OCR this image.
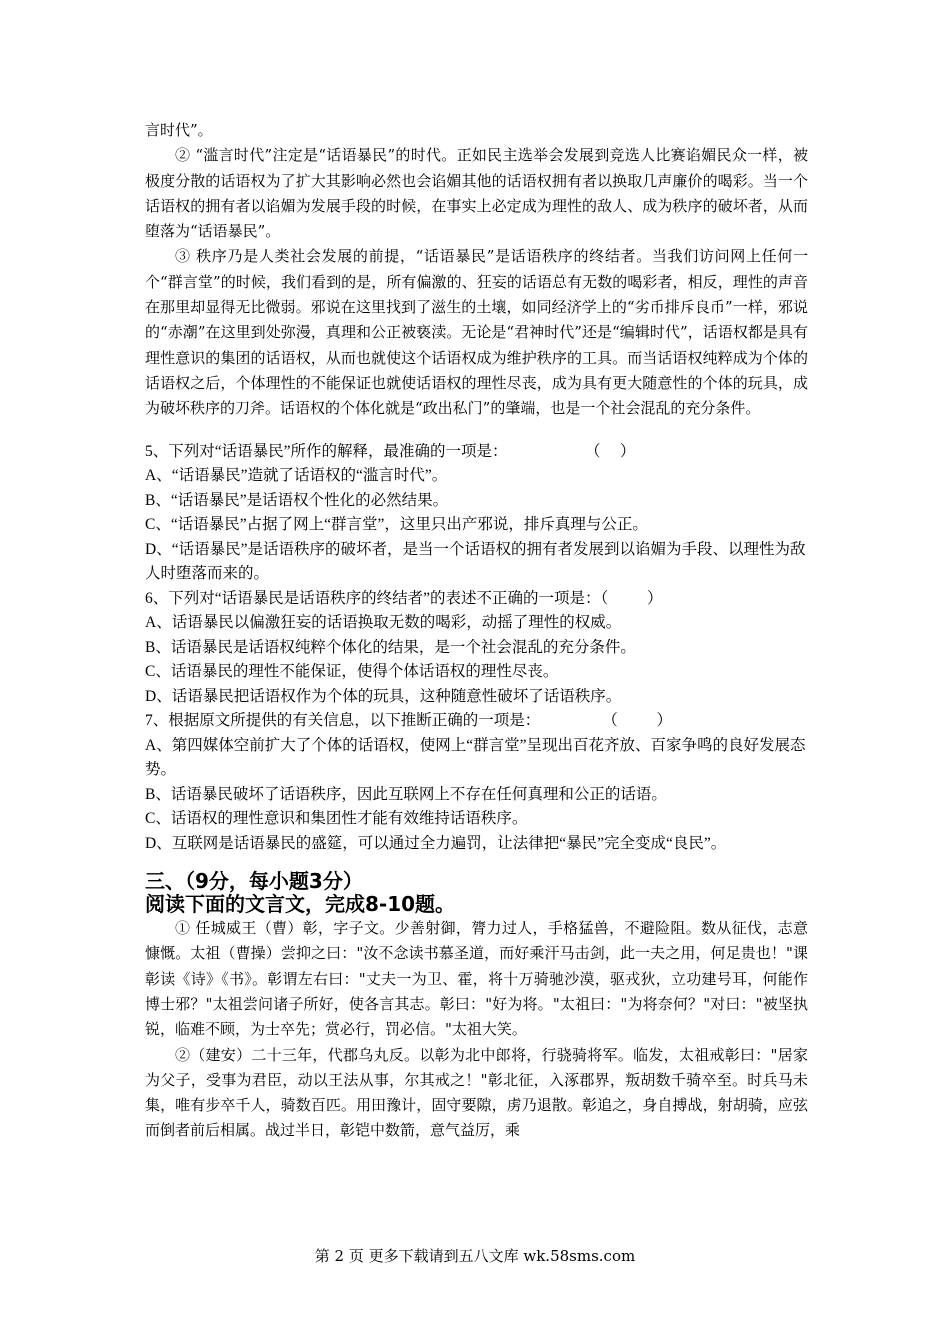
言时代”。

② “滥言时代”注定是“话语暴民”的时代。正如民主选举会发展到竞选人比赛谄媚民众一样，被极度分散的话语权为了扩大其影响必然也会谄媚其他的话语权拥有者以换取几声廉价的喝彩。当一个话语权的拥有者以谄媚为发展手段的时候，在事实上必定成为理性的敌人、成为秩序的破坏者，从而堕落为“话语暴民”。

③ 秩序乃是人类社会发展的前提，“话语暴民”是话语秩序的终结者。当我们访问网上任何一个“群言堂”的时候，我们看到的是，所有偏激的、狂妄的话语总有无数的喝彩者，相反，理性的声音在那里却显得无比微弱。邪说在这里找到了滋生的土壤，如同经济学上的“劣币排斥良币”一样，邪说的“赤潮”在这里到处弥漫，真理和公正被亵渎。无论是“君神时代”还是“编辑时代”，话语权都是具有理性意识的集团的话语权，从而也就使这个话语权成为维护秩序的工具。而当话语权纯粹成为个体的话语权之后，个体理性的不能保证也就使话语权的理性尽丧，成为具有更大随意性的个体的玩具，成为破坏秩序的刀斧。话语权的个体化就是“政出私门”的肇端，也是一个社会混乱的充分条件。

5、下列对“话语暴民”所作的解释，最准确的一项是：                    （     ）

A、“话语暴民”造就了话语权的“滥言时代”。

B、“话语暴民”是话语权个性化的必然结果。

C、“话语暴民”占据了网上“群言堂”，这里只出产邪说，排斥真理与公正。

D、“话语暴民”是话语秩序的破坏者，是当一个话语权的拥有者发展到以谄媚为手段、以理性为敌人时堕落而来的。

6、下列对“话语暴民是话语秩序的终结者”的表述不正确的一项是：（          ）

A、话语暴民以偏激狂妄的话语换取无数的喝彩，动摇了理性的权威。

B、话语暴民是话语权纯粹个体化的结果，是一个社会混乱的充分条件。

C、话语暴民的理性不能保证，使得个体话语权的理性尽丧。

D、话语暴民把话语权作为个体的玩具，这种随意性破坏了话语秩序。

7、根据原文所提供的有关信息，以下推断正确的一项是：                （          ）

A、第四媒体空前扩大了个体的话语权，使网上“群言堂”呈现出百花齐放、百家争鸣的良好发展态势。

B、话语暴民破坏了话语秩序，因此互联网上不存在任何真理和公正的话语。

C、话语权的理性意识和集团性才能有效维持话语秩序。

D、互联网是话语暴民的盛筵，可以通过全力遍罚，让法律把“暴民”完全变成“良民”。

三、（9分，每小题3分）
阅读下面的文言文，完成8-10题。

① 任城威王（曹）彰，字子文。少善射御，膂力过人，手格猛兽，不避险阻。数从征伐，志意慷慨。太祖（曹操）尝抑之曰："汝不念读书慕圣道，而好乘汗马击剑，此一夫之用，何足贵也！"课彰读《诗》《书》。彰谓左右曰："丈夫一为卫、霍，将十万骑驰沙漠，驱戎狄，立功建号耳，何能作博士邪？"太祖尝问诸子所好，使各言其志。彰曰："好为将。"太祖曰："为将奈何？"对曰："被坚执锐，临难不顾，为士卒先；赏必行，罚必信。"太祖大笑。

②（建安）二十三年，代郡乌丸反。以彰为北中郎将，行骁骑将军。临发，太祖戒彰曰："居家为父子，受事为君臣，动以王法从事，尔其戒之！"彰北征，入涿郡界，叛胡数千骑卒至。时兵马未集，唯有步卒千人，骑数百匹。用田豫计，固守要隙，虏乃退散。彰追之，身自搏战，射胡骑，应弦而倒者前后相属。战过半日，彰铠中数箭，意气益厉，乘

第 2 页 更多下载请到五八文库 wk.58sms.com
